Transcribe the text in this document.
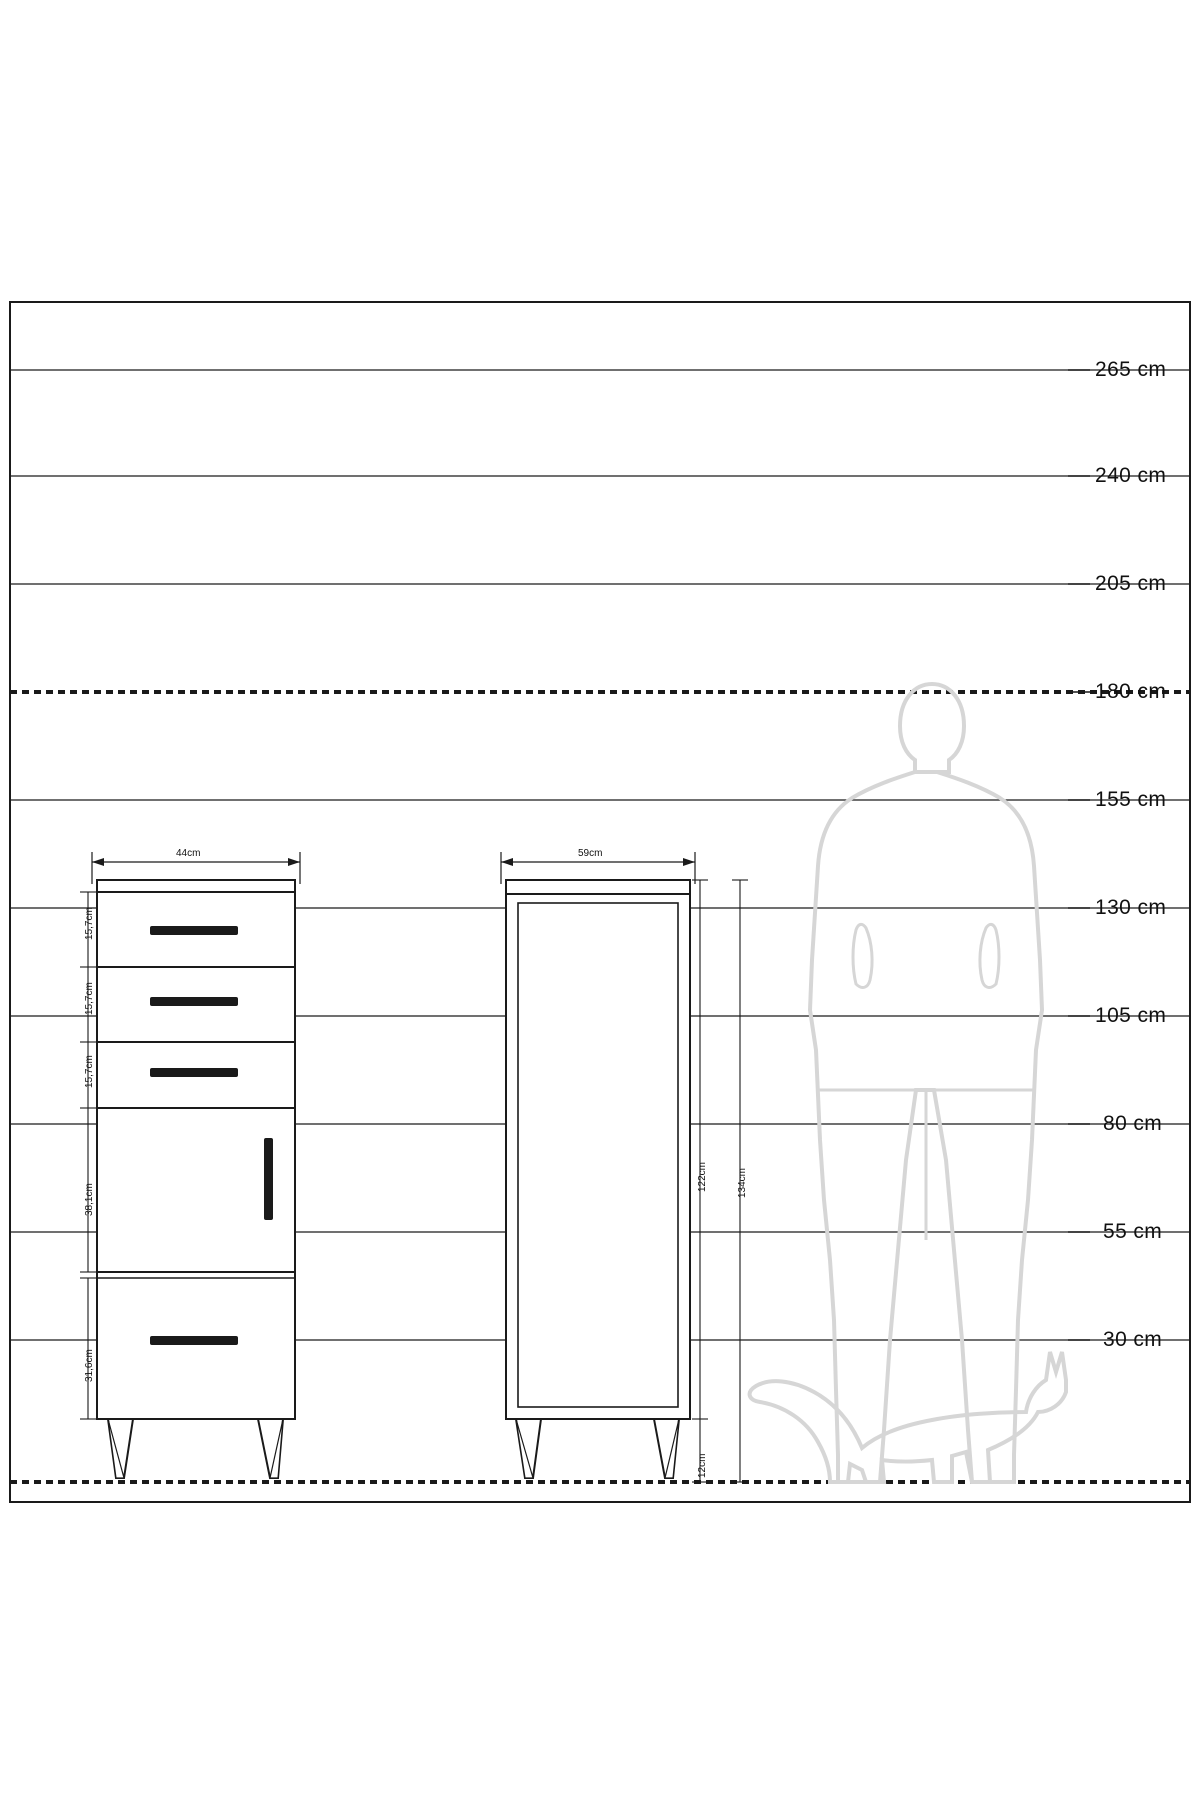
265 cm
240 cm
205 cm
180 cm
155 cm
130 cm
105 cm
80 cm
55 cm
30 cm
44cm	59cm
15,7cm
15,7cm
15,7cm
38,1cm
31,6cm
122cm	134cm
12cm
